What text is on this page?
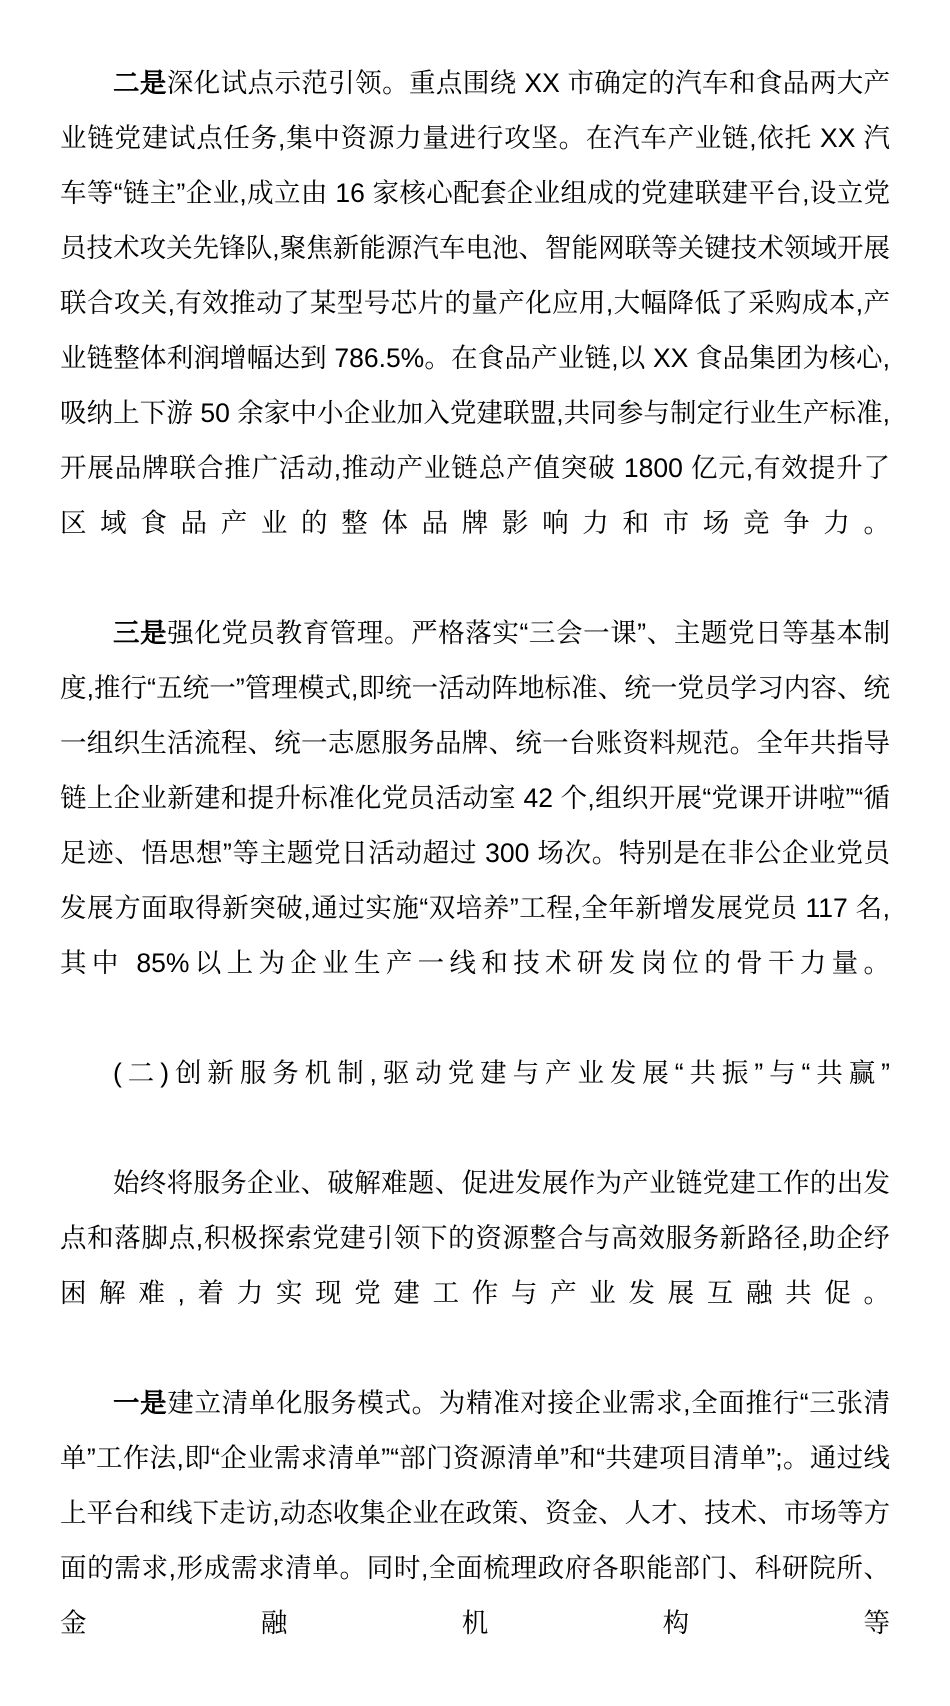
二是深化试点示范引领。重点围绕 XX 市确定的汽车和食品两大产业链党建试点任务,集中资源力量进行攻坚。在汽车产业链,依托 XX 汽车等“链主”企业,成立由 16 家核心配套企业组成的党建联建平台,设立党员技术攻关先锋队,聚焦新能源汽车电池、智能网联等关键技术领域开展联合攻关,有效推动了某型号芯片的量产化应用,大幅降低了采购成本,产业链整体利润增幅达到 786.5%。在食品产业链,以 XX 食品集团为核心,吸纳上下游 50 余家中小企业加入党建联盟,共同参与制定行业生产标准,开展品牌联合推广活动,推动产业链总产值突破 1800 亿元,有效提升了区域食品产业的整体品牌影响力和市场竞争力。

三是强化党员教育管理。严格落实“三会一课”、主题党日等基本制度,推行“五统一”管理模式,即统一活动阵地标准、统一党员学习内容、统一组织生活流程、统一志愿服务品牌、统一台账资料规范。全年共指导链上企业新建和提升标准化党员活动室 42 个,组织开展“党课开讲啦”“循足迹、悟思想”等主题党日活动超过 300 场次。特别是在非公企业党员发展方面取得新突破,通过实施“双培养”工程,全年新增发展党员 117 名,其中 85%以上为企业生产一线和技术研发岗位的骨干力量。

(二)创新服务机制,驱动党建与产业发展“共振”与“共赢”

始终将服务企业、破解难题、促进发展作为产业链党建工作的出发点和落脚点,积极探索党建引领下的资源整合与高效服务新路径,助企纾困解难,着力实现党建工作与产业发展互融共促。

一是建立清单化服务模式。为精准对接企业需求,全面推行“三张清单”工作法,即“企业需求清单”“部门资源清单”和“共建项目清单”;。通过线上平台和线下走访,动态收集企业在政策、资金、人才、技术、市场等方面的需求,形成需求清单。同时,全面梳理政府各职能部门、科研院所、金融机构等
